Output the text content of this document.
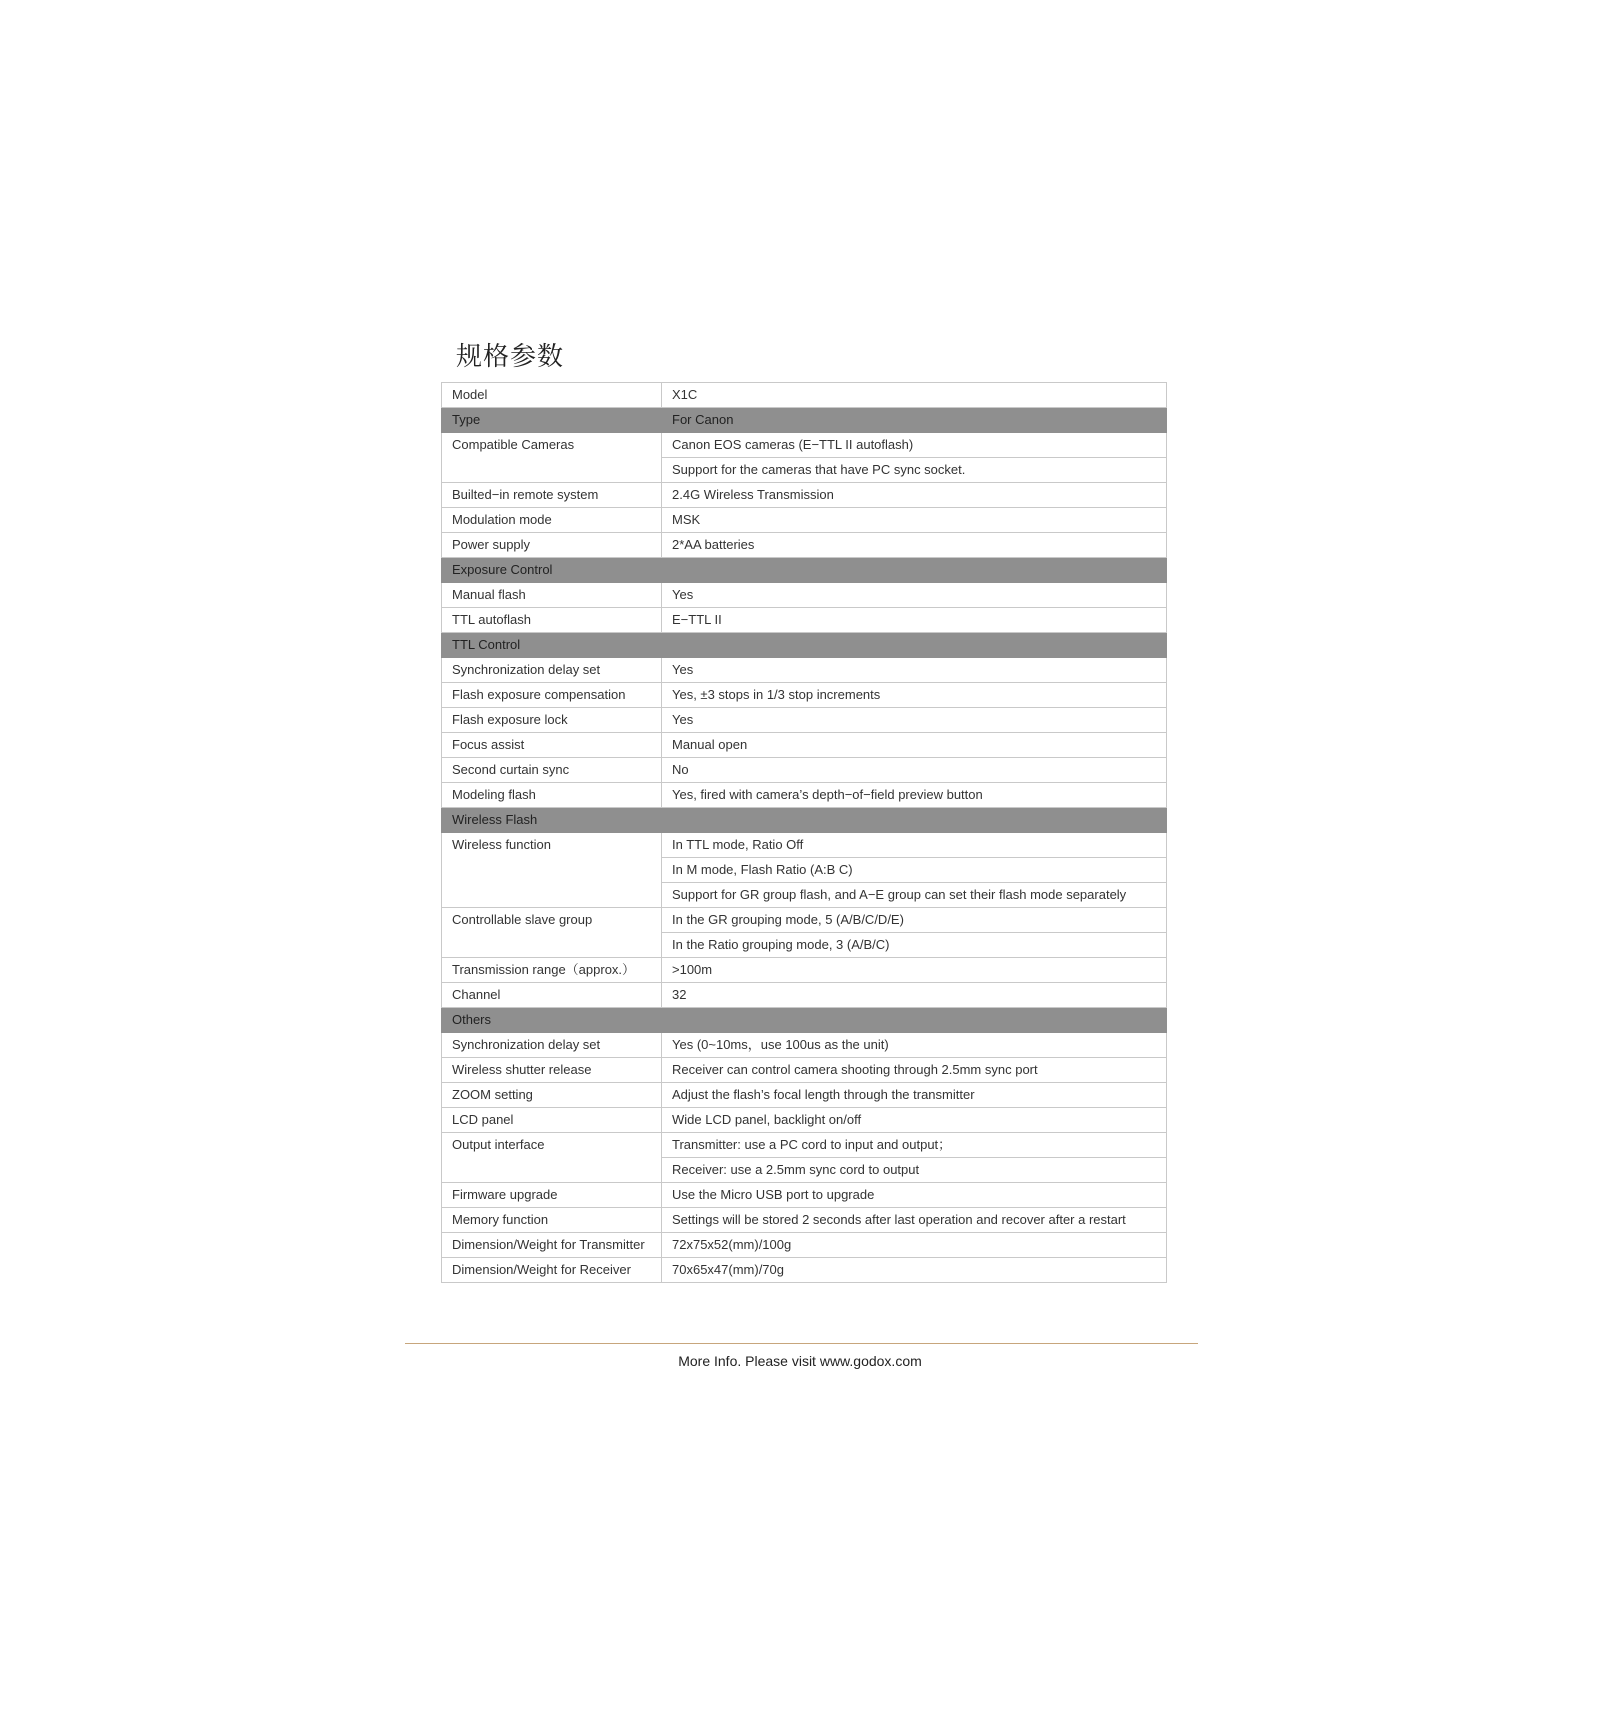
规格参数
Model	X1C
Type	For Canon
Compatible Cameras	Canon EOS cameras (E−TTL II autoflash)
	Support for the cameras that have PC sync socket.
Builted−in remote system	2.4G Wireless Transmission
Modulation mode	MSK
Power supply	2*AA batteries
Exposure Control	
Manual flash	Yes
TTL autoflash	E−TTL II
TTL Control	
Synchronization delay set	Yes
Flash exposure compensation	Yes, ±3 stops in 1/3 stop increments
Flash exposure lock	Yes
Focus assist	Manual open
Second curtain sync	No
Modeling flash	Yes, fired with camera’s depth−of−field preview button
Wireless Flash	
Wireless function	In TTL mode, Ratio Off
	In M mode, Flash Ratio (A:B C)
	Support for GR group flash, and A−E group can set their flash mode separately
Controllable slave group	In the GR grouping mode, 5 (A/B/C/D/E)
	In the Ratio grouping mode, 3 (A/B/C)
Transmission range（approx.）	>100m
Channel	32
Others	
Synchronization delay set	Yes (0~10ms，use 100us as the unit)
Wireless shutter release	Receiver can control camera shooting through 2.5mm sync port
ZOOM setting	Adjust the flash’s focal length through the transmitter
LCD panel	Wide LCD panel, backlight on/off
Output interface	Transmitter: use a PC cord to input and output；
	Receiver: use a 2.5mm sync cord to output
Firmware upgrade	Use the Micro USB port to upgrade
Memory function	Settings will be stored 2 seconds after last operation and recover after a restart
Dimension/Weight for Transmitter	72x75x52(mm)/100g
Dimension/Weight for Receiver	70x65x47(mm)/70g
More Info. Please visit www.godox.com
